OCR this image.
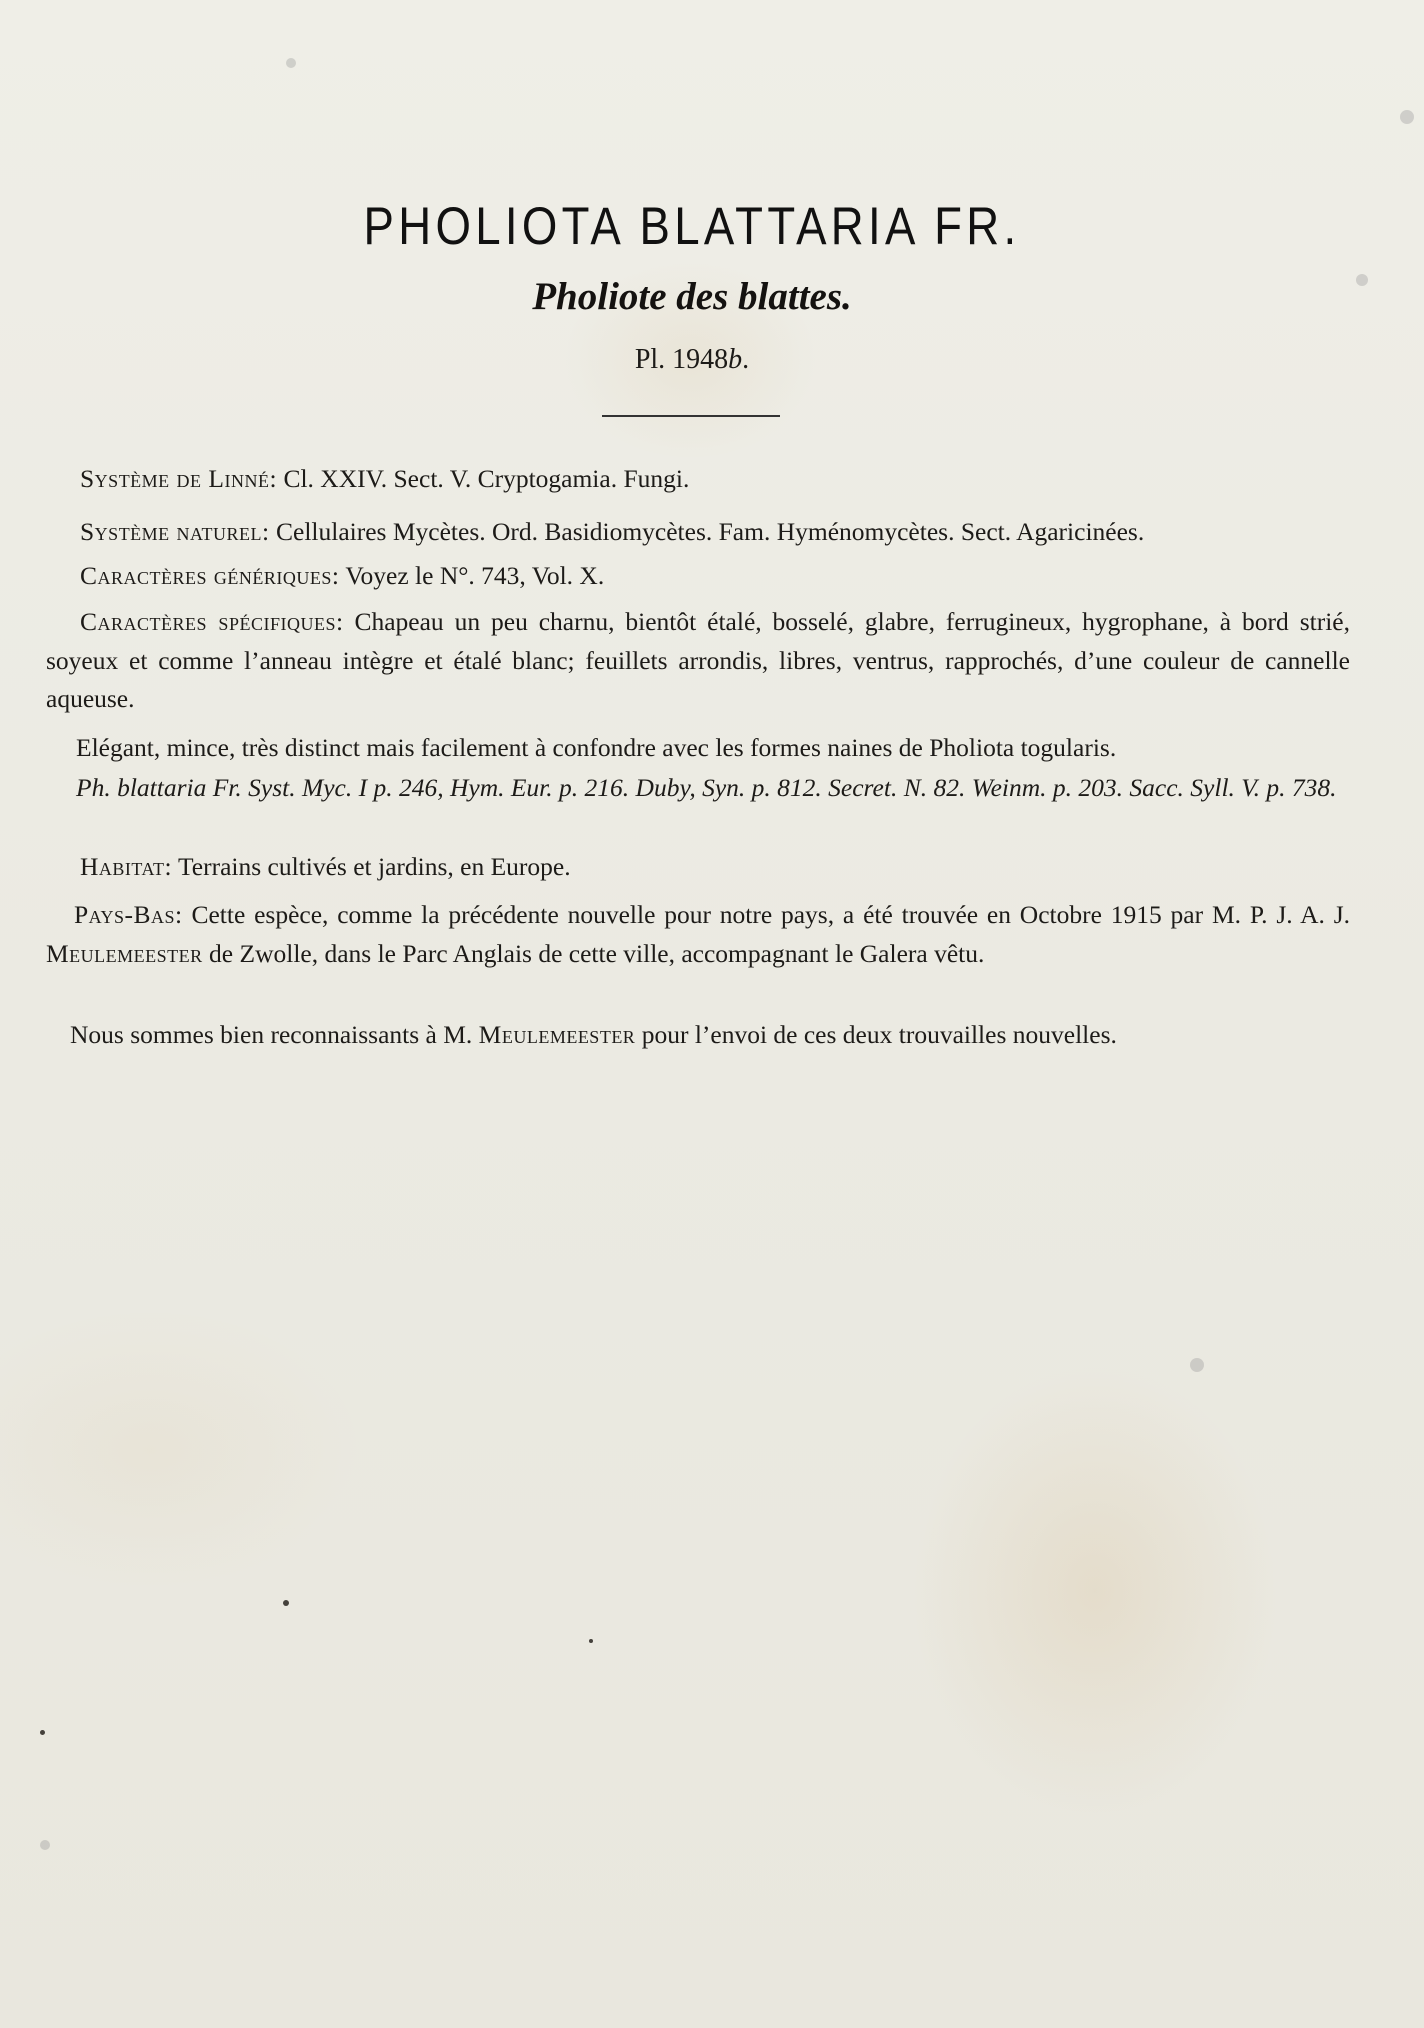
PHOLIOTA BLATTARIA FR.
Pholiote des blattes.
Pl. 1948b.
Système de Linné: Cl. XXIV. Sect. V. Cryptogamia. Fungi.
Système naturel: Cellulaires Mycètes. Ord. Basidiomycètes. Fam. Hyménomycètes. Sect. Agaricinées.
Caractères génériques: Voyez le N°. 743, Vol. X.
Caractères spécifiques: Chapeau un peu charnu, bientôt étalé, bosselé, glabre, ferrugineux, hygrophane, à bord strié, soyeux et comme l’anneau intègre et étalé blanc; feuillets arrondis, libres, ventrus, rapprochés, d’une couleur de cannelle aqueuse.
Elégant, mince, très distinct mais facilement à confondre avec les formes naines de Pholiota togularis.
Ph. blattaria Fr. Syst. Myc. I p. 246, Hym. Eur. p. 216. Duby, Syn. p. 812. Secret. N. 82. Weinm. p. 203. Sacc. Syll. V. p. 738.
Habitat: Terrains cultivés et jardins, en Europe.
Pays-Bas: Cette espèce, comme la précédente nouvelle pour notre pays, a été trouvée en Octobre 1915 par M. P. J. A. J. Meulemeester de Zwolle, dans le Parc Anglais de cette ville, accompagnant le Galera vêtu.
Nous sommes bien reconnaissants à M. Meulemeester pour l’envoi de ces deux trouvailles nouvelles.
